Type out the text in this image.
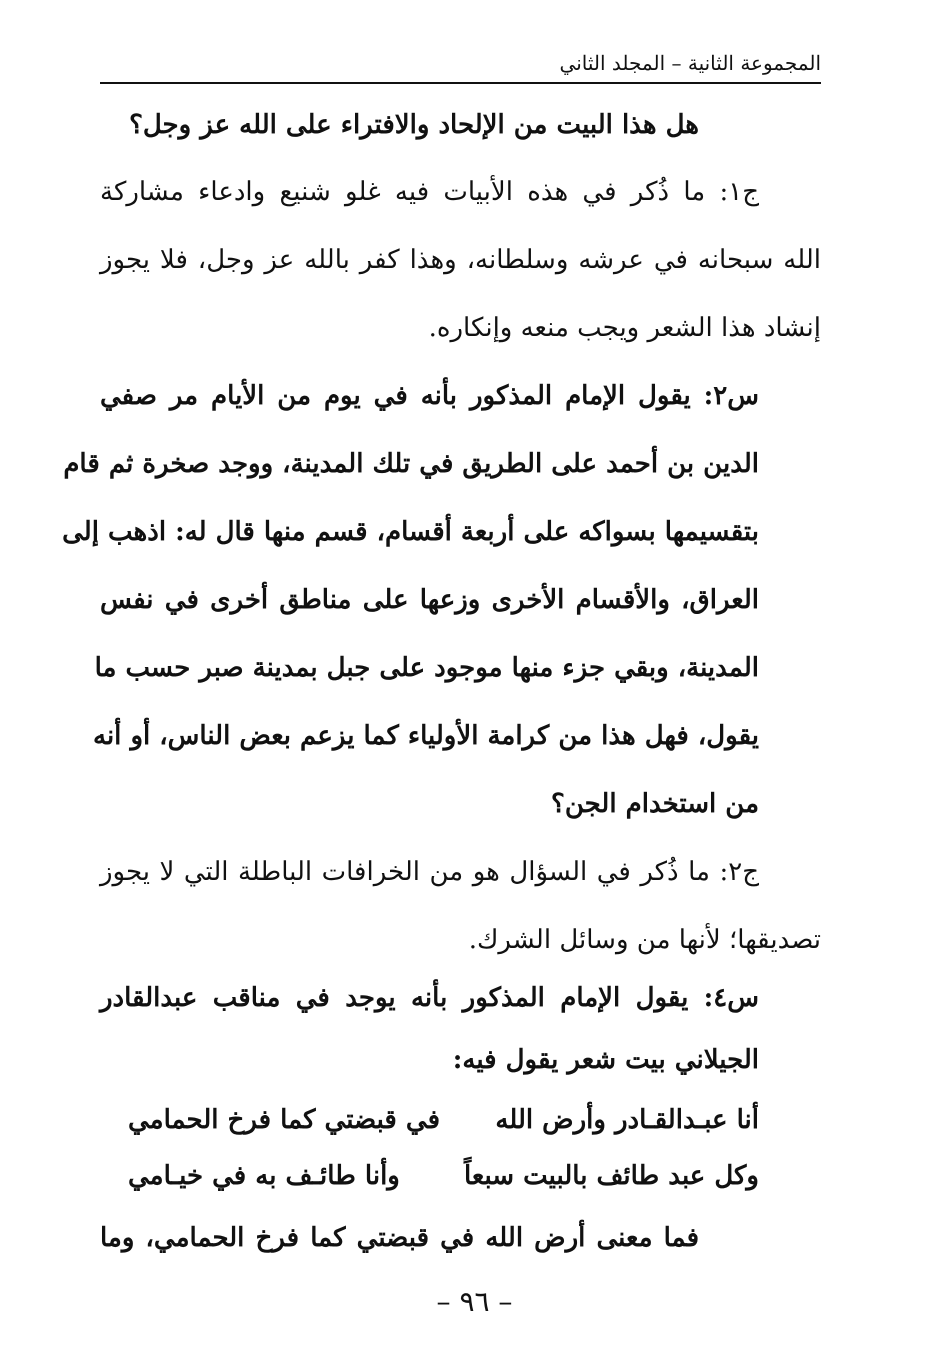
المجموعة الثانية – المجلد الثاني
هل هذا البيت من الإلحاد والافتراء على الله عز وجل؟
ج١: ما ذُكر في هذه الأبيات فيه غلو شنيع وادعاء مشاركة
الله سبحانه في عرشه وسلطانه، وهذا كفر بالله عز وجل، فلا يجوز
إنشاد هذا الشعر ويجب منعه وإنكاره.
س٢: يقول الإمام المذكور بأنه في يوم من الأيام مر صفي
الدين بن أحمد على الطريق في تلك المدينة، ووجد صخرة ثم قام
بتقسيمها بسواكه على أربعة أقسام، قسم منها قال له: اذهب إلى
العراق، والأقسام الأخرى وزعها على مناطق أخرى في نفس
المدينة، وبقي جزء منها موجود على جبل بمدينة صبر حسب ما
يقول، فهل هذا من كرامة الأولياء كما يزعم بعض الناس، أو أنه
من استخدام الجن؟
ج٢: ما ذُكر في السؤال هو من الخرافات الباطلة التي لا يجوز
تصديقها؛ لأنها من وسائل الشرك.
س٤: يقول الإمام المذكور بأنه يوجد في مناقب عبدالقادر
الجيلاني بيت شعر يقول فيه:
أنا عبـدالقـادر وأرض الله
في قبضتي كما فرخ الحمامي
وكل عبد طائف بالبيت سبعاً
وأنا طائـف به في خيـامي
فما معنى أرض الله في قبضتي كما فرخ الحمامي، وما
– ٩٦ –
